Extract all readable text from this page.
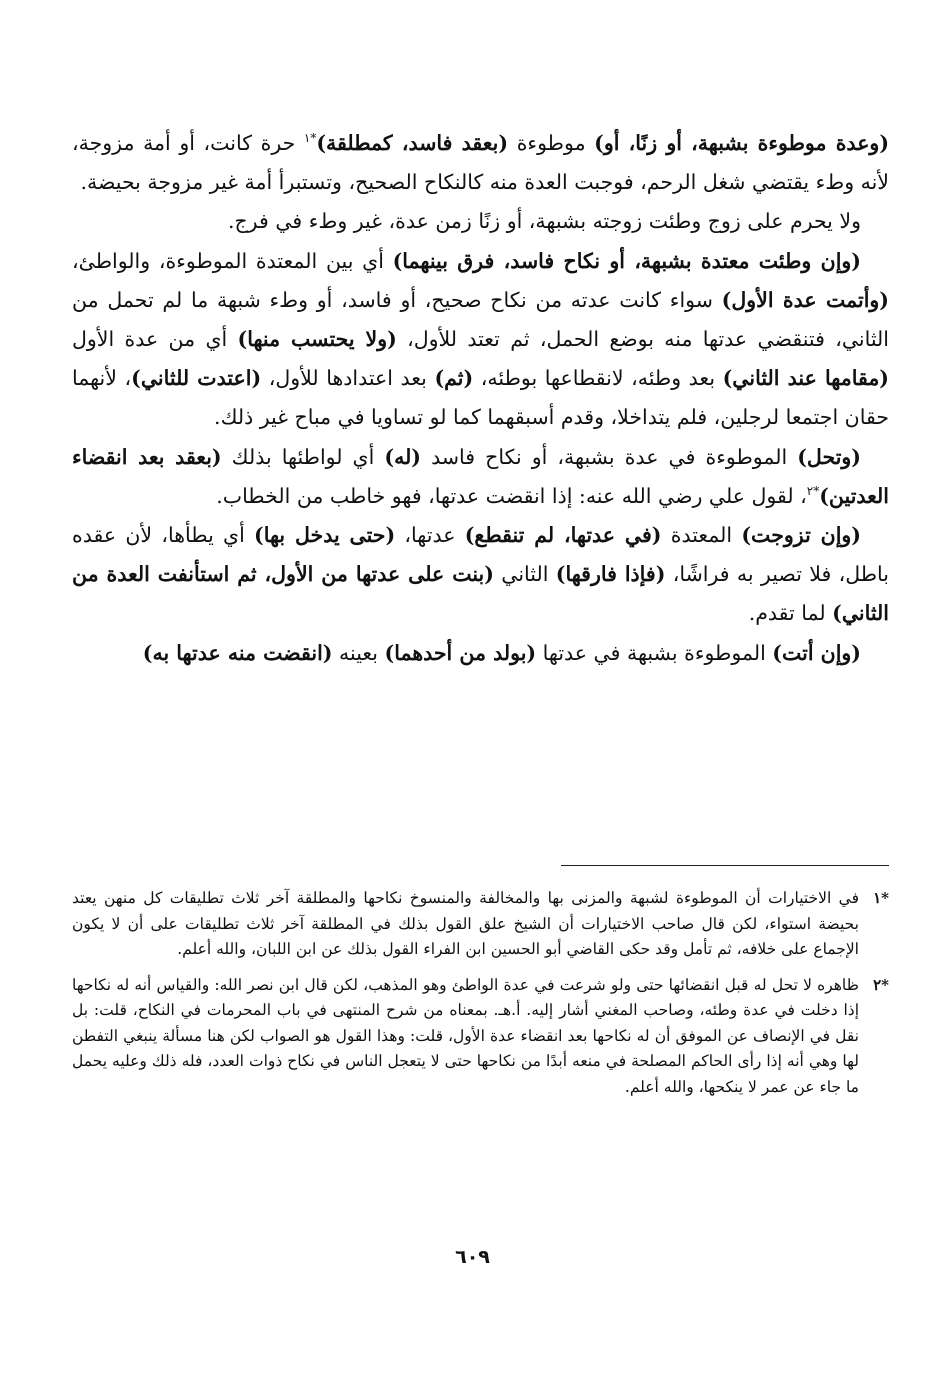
(وعدة موطوءة بشبهة، أو زنًا، أو) موطوءة (بعقد فاسد، كمطلقة)$^{*١}$ حرة كانت، أو أمة مزوجة، لأنه وطء يقتضي شغل الرحم، فوجبت العدة منه كالنكاح الصحيح، وتستبرأ أمة غير مزوجة بحيضة.

ولا يحرم على زوج وطئت زوجته بشبهة، أو زنًا زمن عدة، غير وطء في فرج.

(وإن وطئت معتدة بشبهة، أو نكاح فاسد، فرق بينهما) أي بين المعتدة الموطوءة، والواطئ، (وأتمت عدة الأول) سواء كانت عدته من نكاح صحيح، أو فاسد، أو وطء شبهة ما لم تحمل من الثاني، فتنقضي عدتها منه بوضع الحمل، ثم تعتد للأول، (ولا يحتسب منها) أي من عدة الأول (مقامها عند الثاني) بعد وطئه، لانقطاعها بوطئه، (ثم) بعد اعتدادها للأول، (اعتدت للثاني)، لأنهما حقان اجتمعا لرجلين، فلم يتداخلا، وقدم أسبقهما كما لو تساويا في مباح غير ذلك.

(وتحل) الموطوءة في عدة بشبهة، أو نكاح فاسد (له) أي لواطئها بذلك (بعقد بعد انقضاء العدتين)$^{*٢}$، لقول علي رضي الله عنه: إذا انقضت عدتها، فهو خاطب من الخطاب.

(وإن تزوجت) المعتدة (في عدتها، لم تنقطع) عدتها، (حتى يدخل بها) أي يطأها، لأن عقده باطل، فلا تصير به فراشًا، (فإذا فارقها) الثاني (بنت على عدتها من الأول، ثم استأنفت العدة من الثاني) لما تقدم.

(وإن أتت) الموطوءة بشبهة في عدتها (بولد من أحدهما) بعينه (انقضت منه عدتها به)

*١
في الاختيارات أن الموطوءة لشبهة والمزنى بها والمخالفة والمنسوخ نكاحها والمطلقة آخر ثلاث تطليقات كل منهن يعتد بحيضة استواء، لكن قال صاحب الاختيارات أن الشيخ علق القول بذلك في المطلقة آخر ثلاث تطليقات على أن لا يكون الإجماع على خلافه، ثم تأمل وقد حكى القاضي أبو الحسين ابن الفراء القول بذلك عن ابن اللبان، والله أعلم.
*٢
ظاهره لا تحل له قبل انقضائها حتى ولو شرعت في عدة الواطئ وهو المذهب، لكن قال ابن نصر الله: والقياس أنه له نكاحها إذا دخلت في عدة وطئه، وصاحب المغني أشار إليه. أ.هـ. بمعناه من شرح المنتهى في باب المحرمات في النكاح، قلت: بل نقل في الإنصاف عن الموفق أن له نكاحها بعد انقضاء عدة الأول، قلت: وهذا القول هو الصواب لكن هنا مسألة ينبغي التفطن لها وهي أنه إذا رأى الحاكم المصلحة في منعه أبدًا من نكاحها حتى لا يتعجل الناس في نكاح ذوات العدد، فله ذلك وعليه يحمل ما جاء عن عمر لا ينكحها، والله أعلم.
٦٠٩
